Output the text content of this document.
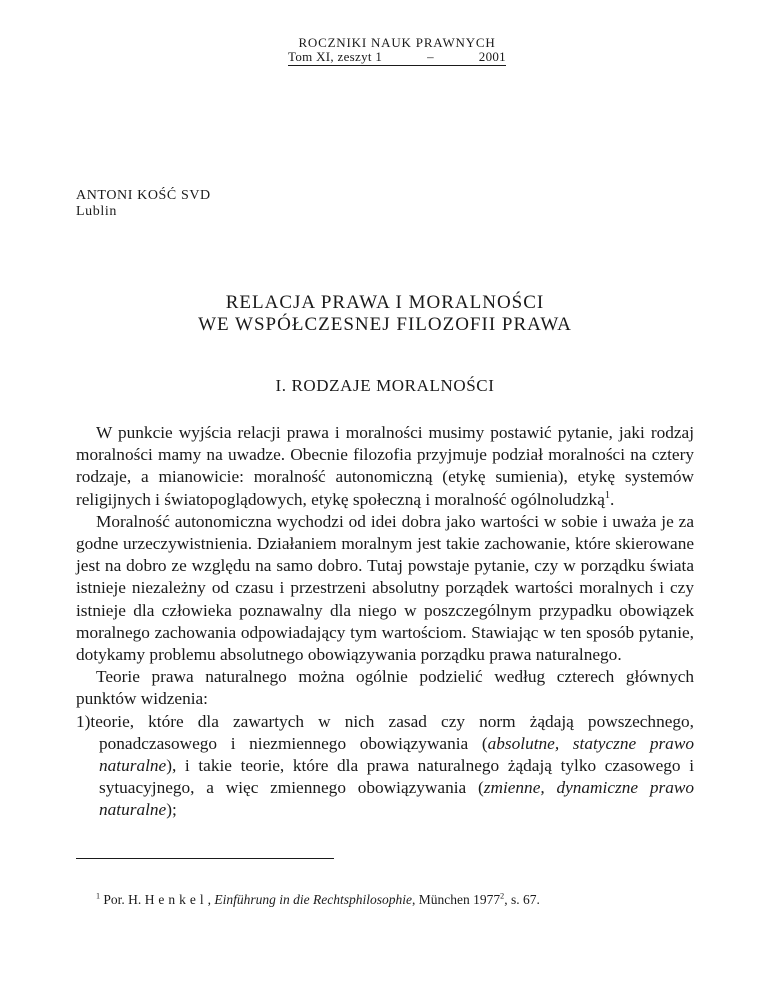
ROCZNIKI NAUK PRAWNYCH
Tom XI, zeszyt 1	–	2001
ANTONI KOŚĆ SVD
Lublin
RELACJA PRAWA I MORALNOŚCI
WE WSPÓŁCZESNEJ FILOZOFII PRAWA
I. RODZAJE MORALNOŚCI

W punkcie wyjścia relacji prawa i moralności musimy postawić pytanie, jaki rodzaj moralności mamy na uwadze. Obecnie filozofia przyjmuje podział moralności na cztery rodzaje, a mianowicie: moralność autonomiczną (etykę sumienia), etykę systemów religijnych i światopoglądowych, etykę społeczną i moralność ogólnoludzką$^1$.

Moralność autonomiczna wychodzi od idei dobra jako wartości w sobie i uważa je za godne urzeczywistnienia. Działaniem moralnym jest takie zachowanie, które skierowane jest na dobro ze względu na samo dobro. Tutaj powstaje pytanie, czy w porządku świata istnieje niezależny od czasu i przestrzeni absolutny porządek wartości moralnych i czy istnieje dla człowieka poznawalny dla niego w poszczególnym przypadku obowiązek moralnego zachowania odpowiadający tym wartościom. Stawiając w ten sposób pytanie, dotykamy problemu absolutnego obowiązywania porządku prawa naturalnego.

Teorie prawa naturalnego można ogólnie podzielić według czterech głównych punktów widzenia:

1)teorie, które dla zawartych w nich zasad czy norm żądają powszechnego, ponadczasowego i niezmiennego obowiązywania (absolutne, statyczne prawo naturalne), i takie teorie, które dla prawa naturalnego żądają tylko czasowego i sytuacyjnego, a więc zmiennego obowiązywania (zmienne, dynamiczne prawo naturalne);
$^1$ Por. H. Henkel, Einführung in die Rechtsphilosophie, München 1977$^2$, s. 67.
